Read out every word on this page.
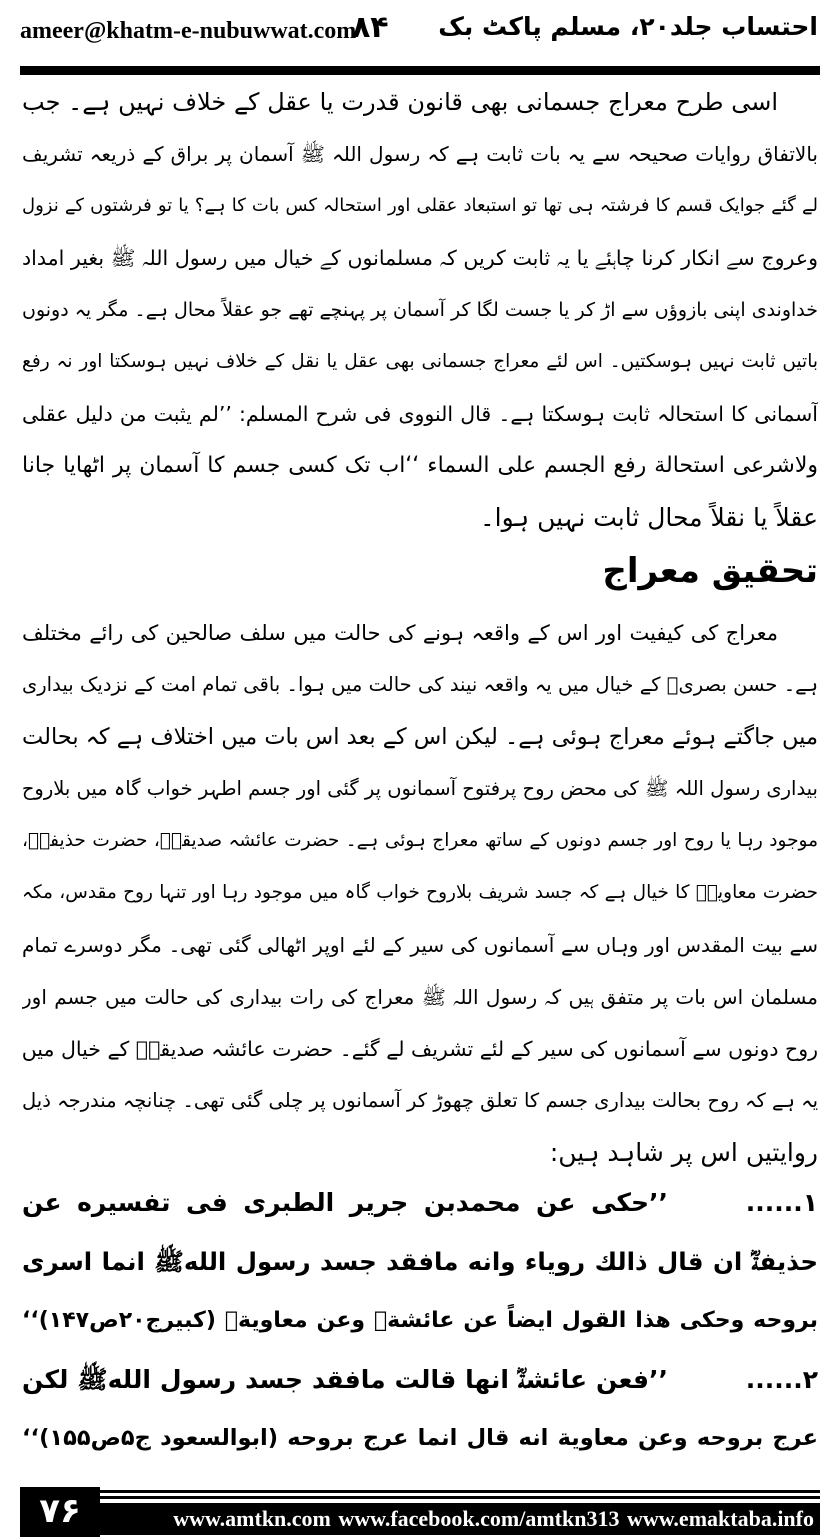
ameer@khatm-e-nubuwwat.com
۸۴ احتساب جلد۲۰، مسلم پاکٹ بک
اسی طرح معراج جسمانی بھی قانون قدرت یا عقل کے خلاف نہیں ہے۔ جب
بالاتفاق روایات صحیحہ سے یہ بات ثابت ہے کہ رسول اللہ ﷺ آسمان پر براق کے ذریعہ تشریف
لے گئے جوایک قسم کا فرشتہ ہی تھا تو استبعاد عقلی اور استحالہ کس بات کا ہے؟ یا تو فرشتوں کے نزول
وعروج سے انکار کرنا چاہئے یا یہ ثابت کریں کہ مسلمانوں کے خیال میں رسول اللہ ﷺ بغیر امداد
خداوندی اپنی بازوؤں سے اڑ کر یا جست لگا کر آسمان پر پہنچے تھے جو عقلاً محال ہے۔ مگر یہ دونوں
باتیں ثابت نہیں ہوسکتیں۔ اس لئے معراج جسمانی بھی عقل یا نقل کے خلاف نہیں ہوسکتا اور نہ رفع
آسمانی کا استحالہ ثابت ہوسکتا ہے۔ قال النووی فی شرح المسلم: ’’لم یثبت من دلیل عقلی
ولاشرعی استحالة رفع الجسم علی السماء ‘‘اب تک کسی جسم کا آسمان پر اٹھایا جانا
عقلاً یا نقلاً محال ثابت نہیں ہوا۔
تحقیق معراج
معراج کی کیفیت اور اس کے واقعہ ہونے کی حالت میں سلف صالحین کی رائے مختلف
ہے۔ حسن بصریؒ کے خیال میں یہ واقعہ نیند کی حالت میں ہوا۔ باقی تمام امت کے نزدیک بیداری
میں جاگتے ہوئے معراج ہوئی ہے۔ لیکن اس کے بعد اس بات میں اختلاف ہے کہ بحالت
بیداری رسول اللہ ﷺ کی محض روح پرفتوح آسمانوں پر گئی اور جسم اطہر خواب گاہ میں بلاروح
موجود رہا یا روح اور جسم دونوں کے ساتھ معراج ہوئی ہے۔ حضرت عائشہ صدیقہؓ، حضرت حذیفہؓ،
حضرت معاویہؓ کا خیال ہے کہ جسد شریف بلاروح خواب گاہ میں موجود رہا اور تنہا روح مقدس، مکہ
سے بیت المقدس اور وہاں سے آسمانوں کی سیر کے لئے اوپر اٹھالی گئی تھی۔ مگر دوسرے تمام
مسلمان اس بات پر متفق ہیں کہ رسول اللہ ﷺ معراج کی رات بیداری کی حالت میں جسم اور
روح دونوں سے آسمانوں کی سیر کے لئے تشریف لے گئے۔ حضرت عائشہ صدیقہؓ کے خیال میں
یہ ہے کہ روح بحالت بیداری جسم کا تعلق چھوڑ کر آسمانوں پر چلی گئی تھی۔ چنانچہ مندرجہ ذیل
روایتیں اس پر شاہد ہیں:
۱......
’’حکی عن محمدبن جریر الطبری فی تفسیره عن
حذیفةؓ ان قال ذالك رویاء وانه مافقد جسد رسول اللهﷺ انما اسری
بروحه وحکی هذا القول ایضاً عن عائشةؓ وعن معاویةؓ (کبیرج۲۰ص۱۴۷)‘‘
۲......
’’فعن عائشةؓ انها قالت مافقد جسد رسول اللهﷺ لکن
عرج بروحه وعن معاویة انه قال انما عرج بروحه (ابوالسعود ج۵ص۱۵۵)‘‘
۷۶	www.amtkn.com www.facebook.com/amtkn313 www.emaktaba.info
